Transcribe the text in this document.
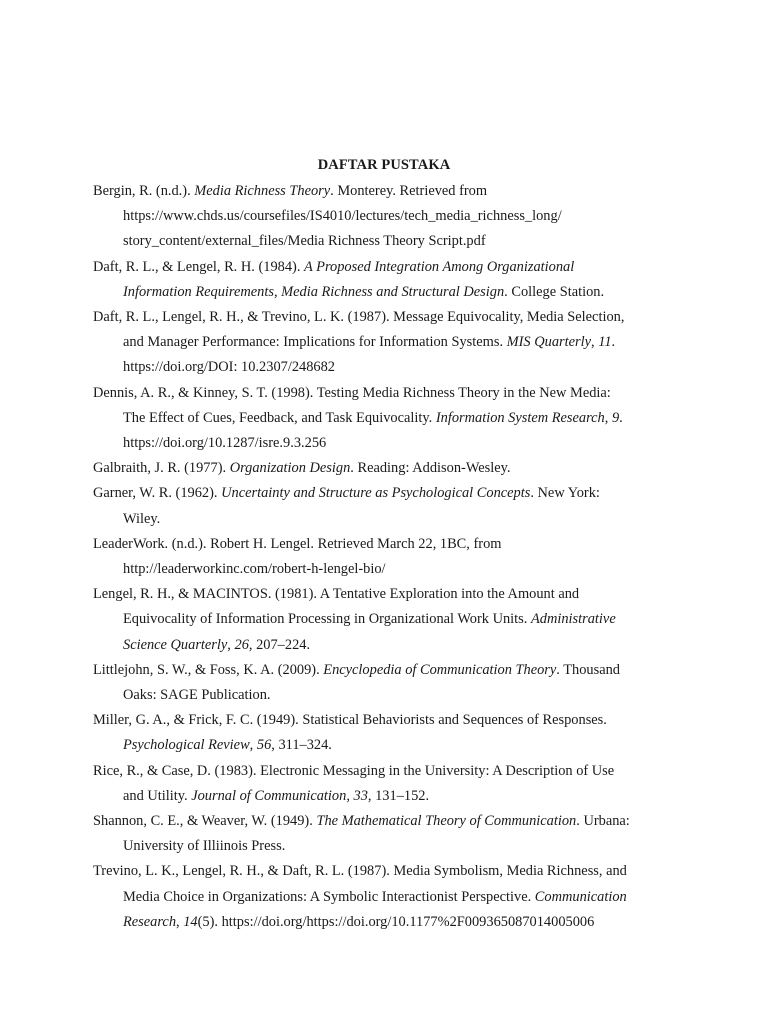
DAFTAR PUSTAKA
Bergin, R. (n.d.). Media Richness Theory. Monterey. Retrieved from
https://www.chds.us/coursefiles/IS4010/lectures/tech_media_richness_long/
story_content/external_files/Media Richness Theory Script.pdf
Daft, R. L., & Lengel, R. H. (1984). A Proposed Integration Among Organizational
Information Requirements, Media Richness and Structural Design. College Station.
Daft, R. L., Lengel, R. H., & Trevino, L. K. (1987). Message Equivocality, Media Selection,
and Manager Performance: Implications for Information Systems. MIS Quarterly, 11.
https://doi.org/DOI: 10.2307/248682
Dennis, A. R., & Kinney, S. T. (1998). Testing Media Richness Theory in the New Media:
The Effect of Cues, Feedback, and Task Equivocality. Information System Research, 9.
https://doi.org/10.1287/isre.9.3.256
Galbraith, J. R. (1977). Organization Design. Reading: Addison-Wesley.
Garner, W. R. (1962). Uncertainty and Structure as Psychological Concepts. New York:
Wiley.
LeaderWork. (n.d.). Robert H. Lengel. Retrieved March 22, 1BC, from
http://leaderworkinc.com/robert-h-lengel-bio/
Lengel, R. H., & MACINTOS. (1981). A Tentative Exploration into the Amount and
Equivocality of Information Processing in Organizational Work Units. Administrative
Science Quarterly, 26, 207–224.
Littlejohn, S. W., & Foss, K. A. (2009). Encyclopedia of Communication Theory. Thousand
Oaks: SAGE Publication.
Miller, G. A., & Frick, F. C. (1949). Statistical Behaviorists and Sequences of Responses.
Psychological Review, 56, 311–324.
Rice, R., & Case, D. (1983). Electronic Messaging in the University: A Description of Use
and Utility. Journal of Communication, 33, 131–152.
Shannon, C. E., & Weaver, W. (1949). The Mathematical Theory of Communication. Urbana:
University of Illiinois Press.
Trevino, L. K., Lengel, R. H., & Daft, R. L. (1987). Media Symbolism, Media Richness, and
Media Choice in Organizations: A Symbolic Interactionist Perspective. Communication
Research, 14(5). https://doi.org/https://doi.org/10.1177%2F009365087014005006
